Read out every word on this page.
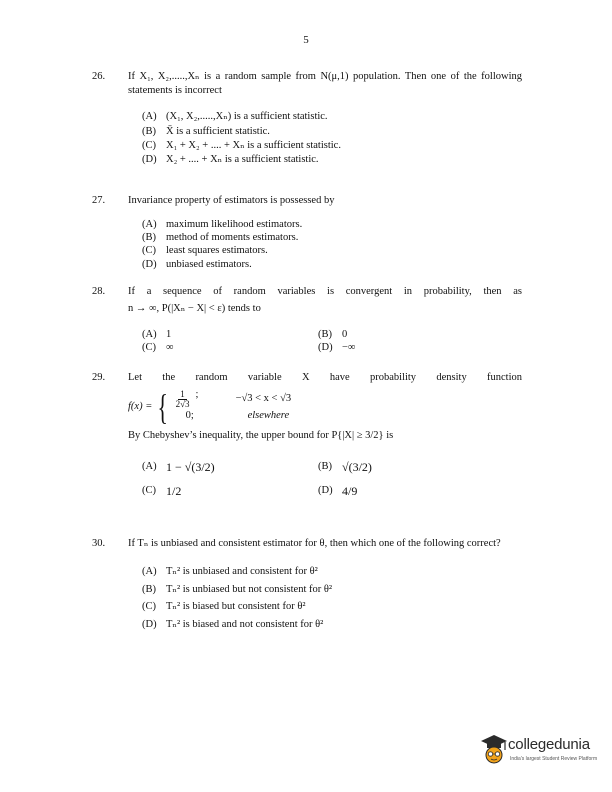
5
26. If X₁, X₂,.....,Xₙ is a random sample from N(μ,1) population. Then one of the following statements is incorrect
(A) (X₁, X₂,.....,Xₙ) is a sufficient statistic.
(B) X̄ is a sufficient statistic.
(C) X₁ + X₂ + .... + Xₙ is a sufficient statistic.
(D) X₂ + .... + Xₙ is a sufficient statistic.
27. Invariance property of estimators is possessed by
(A) maximum likelihood estimators.
(B) method of moments estimators.
(C) least squares estimators.
(D) unbiased estimators.
28. If a sequence of random variables is convergent in probability, then as
n → ∞, P(|Xₙ − X| < ε) tends to
(A) 1	(B) 0
(C) ∞	(D) −∞
29. Let the random variable X have probability density function
f(x) = { $\frac{1}{2√3}$ ;	−√3 < x < √3
0;	elsewhere
By Chebyshev’s inequality, the upper bound for P{|X| ≥ 3/2} is
(A) 1 − √(3/2)	(B) √(3/2)
(C) 1/2	(D) 4/9
30. If Tₙ is unbiased and consistent estimator for θ, then which one of the following correct?
(A) Tₙ² is unbiased and consistent for θ²
(B) Tₙ² is unbiased but not consistent for θ²
(C) Tₙ² is biased but consistent for θ²
(D) Tₙ² is biased and not consistent for θ²
collegedunia
India's largest Student Review Platform
